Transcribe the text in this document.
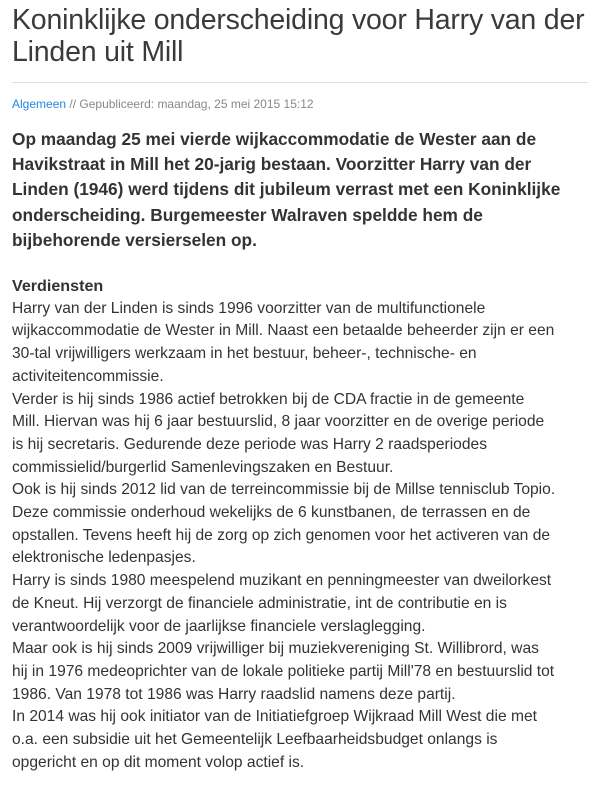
Koninklijke onderscheiding voor Harry van der Linden uit Mill

Algemeen // Gepubliceerd: maandag, 25 mei 2015 15:12

Op maandag 25 mei vierde wijkaccommodatie de Wester aan de Havikstraat in Mill het 20-jarig bestaan. Voorzitter Harry van der Linden (1946) werd tijdens dit jubileum verrast met een Koninklijke onderscheiding. Burgemeester Walraven speldde hem de bijbehorende versierselen op.

Verdiensten

Harry van der Linden is sinds 1996 voorzitter van de multifunctionele

wijkaccommodatie de Wester in Mill. Naast een betaalde beheerder zijn er een

30-tal vrijwilligers werkzaam in het bestuur, beheer-, technische- en

activiteitencommissie.

Verder is hij sinds 1986 actief betrokken bij de CDA fractie in de gemeente

Mill. Hiervan was hij 6 jaar bestuurslid, 8 jaar voorzitter en de overige periode

is hij secretaris. Gedurende deze periode was Harry 2 raadsperiodes

commissielid/burgerlid Samenlevingszaken en Bestuur.

Ook is hij sinds 2012 lid van de terreincommissie bij de Millse tennisclub Topio.

Deze commissie onderhoud wekelijks de 6 kunstbanen, de terrassen en de

opstallen. Tevens heeft hij de zorg op zich genomen voor het activeren van de

elektronische ledenpasjes.

Harry is sinds 1980 meespelend muzikant en penningmeester van dweilorkest

de Kneut. Hij verzorgt de financiele administratie, int de contributie en is

verantwoordelijk voor de jaarlijkse financiele verslaglegging.

Maar ook is hij sinds 2009 vrijwilliger bij muziekvereniging St. Willibrord, was

hij in 1976 medeoprichter van de lokale politieke partij Mill'78 en bestuurslid tot

1986. Van 1978 tot 1986 was Harry raadslid namens deze partij.

In 2014 was hij ook initiator van de Initiatiefgroep Wijkraad Mill West die met

o.a. een subsidie uit het Gemeentelijk Leefbaarheidsbudget onlangs is

opgericht en op dit moment volop actief is.
